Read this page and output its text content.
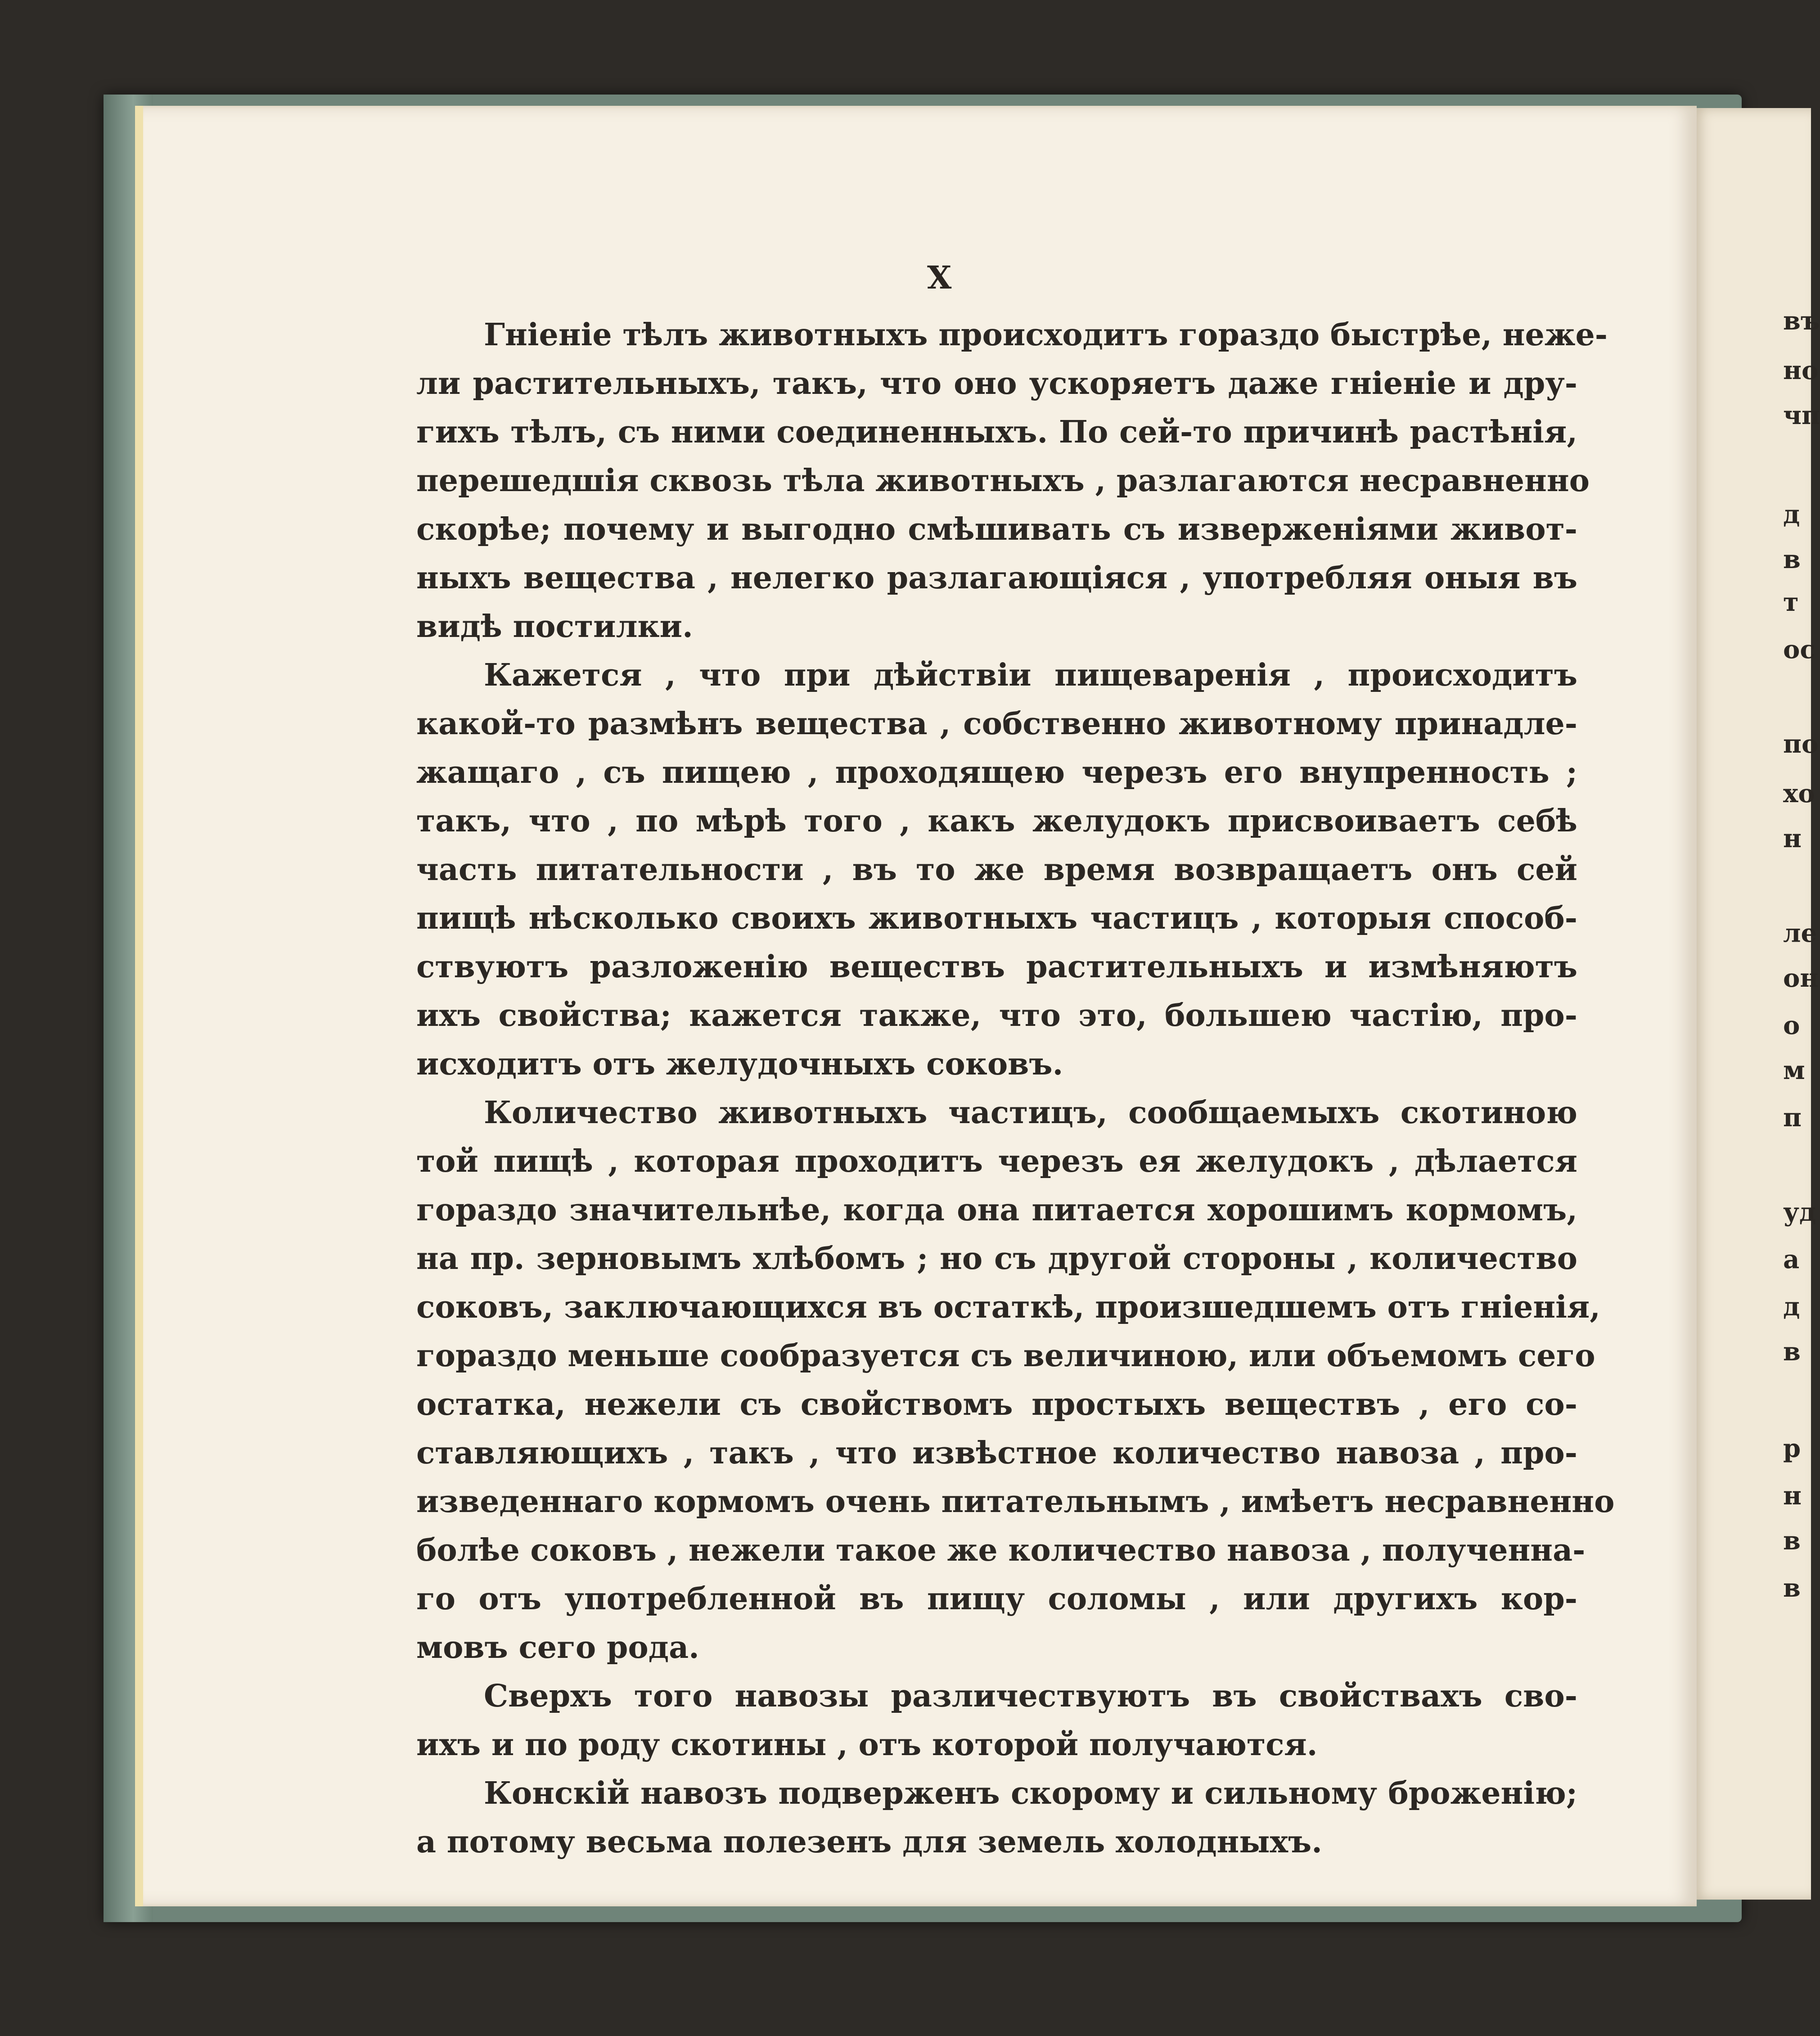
X
Гніеніе тѣлъ животныхъ происходитъ гораздо быстрѣе, неже-
ли растительныхъ, такъ, что оно ускоряетъ даже гніеніе и дру-
гихъ тѣлъ, съ ними соединенныхъ. По сей-то причинѣ растѣнія,
перешедшія сквозь тѣла животныхъ , разлагаются несравненно
скорѣе; почему и выгодно смѣшивать съ изверженіями живот-
ныхъ вещества , нелегко разлагающіяся , употребляя оныя въ
видѣ постилки.
Кажется , что при дѣйствіи пищеваренія , происходитъ
какой-то размѣнъ вещества , собственно животному принадле-
жащаго , съ пищею , проходящею черезъ его внупренность ;
такъ, что , по мѣрѣ того , какъ желудокъ присвоиваетъ себѣ
часть питательности , въ то же время возвращаетъ онъ сей
пищѣ нѣсколько своихъ животныхъ частицъ , которыя способ-
ствуютъ разложенію веществъ растительныхъ и измѣняютъ
ихъ свойства; кажется также, что это, большею частію, про-
исходитъ отъ желудочныхъ соковъ.
Количество животныхъ частицъ, сообщаемыхъ скотиною
той пищѣ , которая проходитъ черезъ ея желудокъ , дѣлается
гораздо значительнѣе, когда она питается хорошимъ кормомъ,
на пр. зерновымъ хлѣбомъ ; но съ другой стороны , количество
соковъ, заключающихся въ остаткѣ, произшедшемъ отъ гніенія,
гораздо меньше сообразуется съ величиною, или объемомъ сего
остатка, нежели съ свойствомъ простыхъ веществъ , его со-
ставляющихъ , такъ , что извѣстное количество навоза , про-
изведеннаго кормомъ очень питательнымъ , имѣетъ несравненно
болѣе соковъ , нежели такое же количество навоза , полученна-
го отъ употребленной въ пищу соломы , или другихъ кор-
мовъ сего рода.
Сверхъ того навозы различествуютъ въ свойствахъ сво-
ихъ и по роду скотины , отъ которой получаются.
Конскій навозъ подверженъ скорому и сильному броженію;
а потому весьма полезенъ для земель холодныхъ.
въ
но
чп
д
в
т
ос
по
хо
н
ле
он
о
м
п
уд
а
д
в
р
н
в
в
